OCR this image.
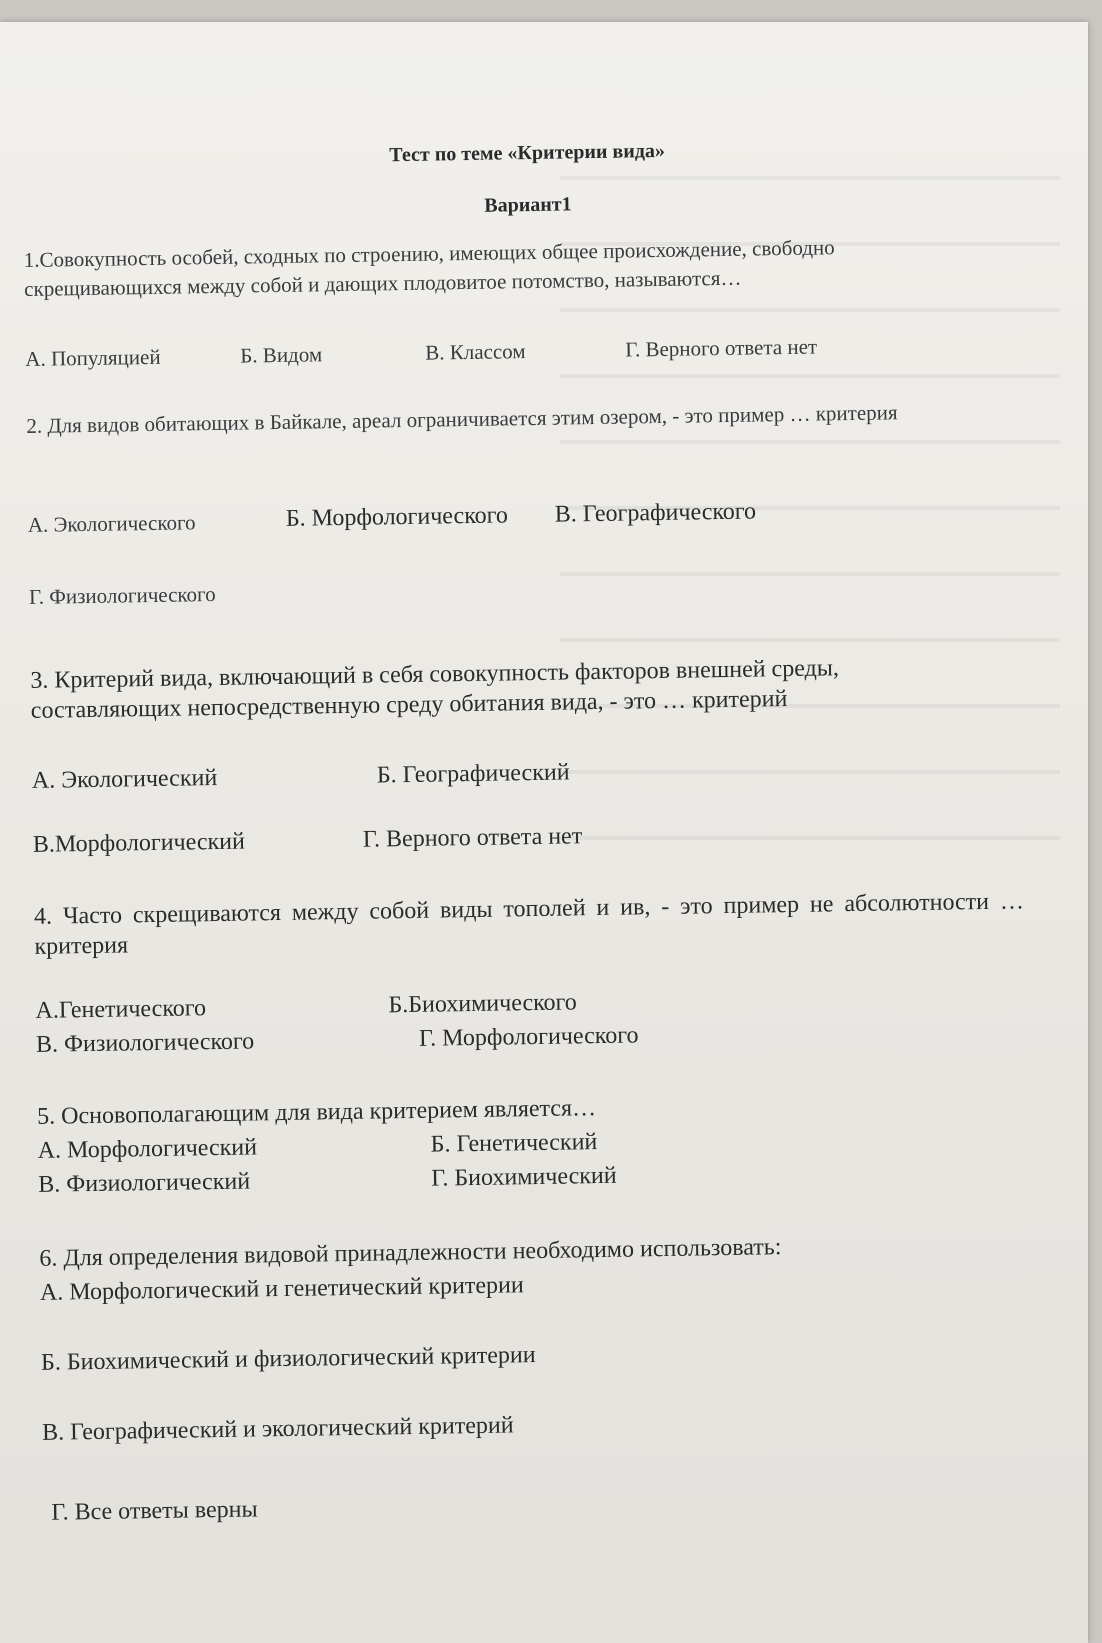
Тест по теме «Критерии вида»
Вариант1
1.Совокупность особей, сходных по строению, имеющих общее происхождение, свободно скрещивающихся между собой и дающих плодовитое потомство, называются…
А. Популяцией	Б. Видом	В. Классом	Г. Верного ответа нет
2. Для видов обитающих в Байкале, ареал ограничивается этим озером, - это пример … критерия
А. Экологического	Б. Морфологического В. Географического
Г. Физиологического
3. Критерий вида, включающий в себя совокупность факторов внешней среды, составляющих непосредственную среду обитания вида, - это … критерий
А. Экологический	Б. Географический
В.Морфологический	Г. Верного ответа нет
4. Часто скрещиваются между собой виды тополей и ив, - это пример не абсолютности … критерия
А.Генетического	Б.Биохимического
В. Физиологического	Г. Морфологического
5. Основополагающим для вида критерием является…
А. Морфологический	Б. Генетический
В. Физиологический	Г. Биохимический
6. Для определения видовой принадлежности необходимо использовать:
А. Морфологический и генетический критерии
Б. Биохимический и физиологический критерии
В. Географический и экологический критерий
Г. Все ответы верны
